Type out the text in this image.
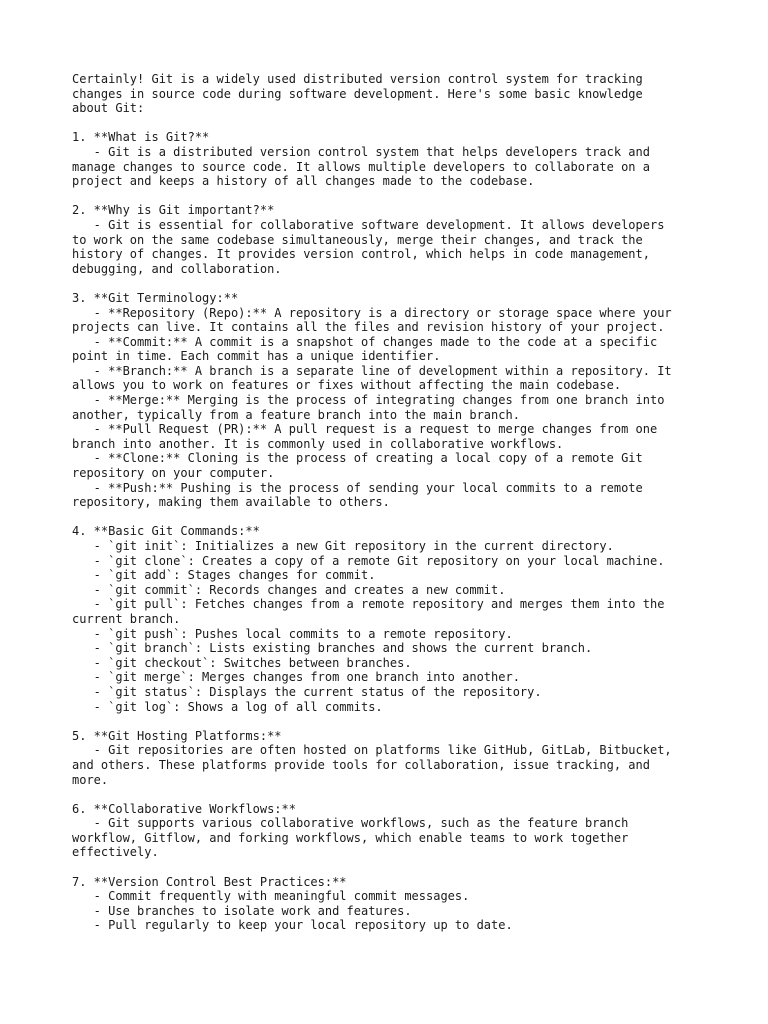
Certainly! Git is a widely used distributed version control system for tracking
changes in source code during software development. Here's some basic knowledge
about Git:

1. **What is Git?**
- Git is a distributed version control system that helps developers track and
manage changes to source code. It allows multiple developers to collaborate on a
project and keeps a history of all changes made to the codebase.

2. **Why is Git important?**
- Git is essential for collaborative software development. It allows developers
to work on the same codebase simultaneously, merge their changes, and track the
history of changes. It provides version control, which helps in code management,
debugging, and collaboration.

3. **Git Terminology:**
- **Repository (Repo):** A repository is a directory or storage space where your
projects can live. It contains all the files and revision history of your project.
- **Commit:** A commit is a snapshot of changes made to the code at a specific
point in time. Each commit has a unique identifier.
- **Branch:** A branch is a separate line of development within a repository. It
allows you to work on features or fixes without affecting the main codebase.
- **Merge:** Merging is the process of integrating changes from one branch into
another, typically from a feature branch into the main branch.
- **Pull Request (PR):** A pull request is a request to merge changes from one
branch into another. It is commonly used in collaborative workflows.
- **Clone:** Cloning is the process of creating a local copy of a remote Git
repository on your computer.
- **Push:** Pushing is the process of sending your local commits to a remote
repository, making them available to others.

4. **Basic Git Commands:**
- `git init`: Initializes a new Git repository in the current directory.
- `git clone`: Creates a copy of a remote Git repository on your local machine.
- `git add`: Stages changes for commit.
- `git commit`: Records changes and creates a new commit.
- `git pull`: Fetches changes from a remote repository and merges them into the
current branch.
- `git push`: Pushes local commits to a remote repository.
- `git branch`: Lists existing branches and shows the current branch.
- `git checkout`: Switches between branches.
- `git merge`: Merges changes from one branch into another.
- `git status`: Displays the current status of the repository.
- `git log`: Shows a log of all commits.

5. **Git Hosting Platforms:**
- Git repositories are often hosted on platforms like GitHub, GitLab, Bitbucket,
and others. These platforms provide tools for collaboration, issue tracking, and
more.

6. **Collaborative Workflows:**
- Git supports various collaborative workflows, such as the feature branch
workflow, Gitflow, and forking workflows, which enable teams to work together
effectively.

7. **Version Control Best Practices:**
- Commit frequently with meaningful commit messages.
- Use branches to isolate work and features.
- Pull regularly to keep your local repository up to date.
